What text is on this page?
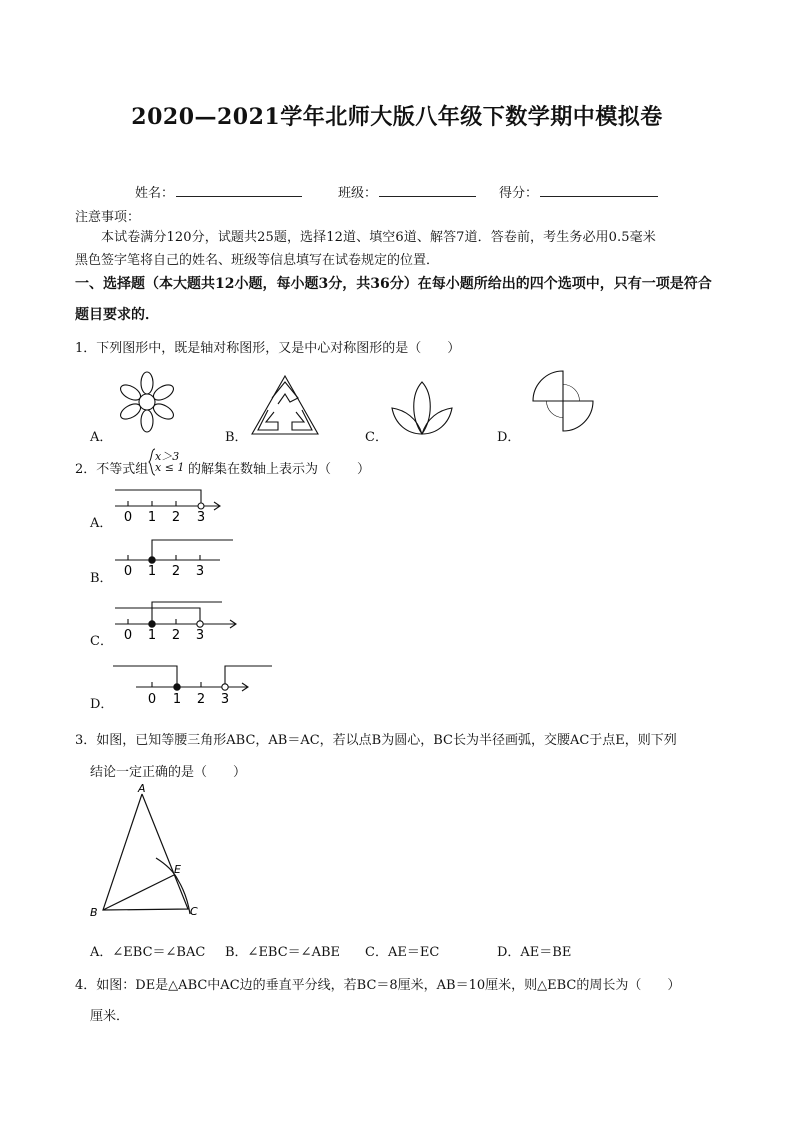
2020—2021学年北师大版八年级下数学期中模拟卷
姓名：	班级：	得分：
注意事项：
本试卷满分120分，试题共25题，选择12道、填空6道、解答7道．答卷前，考生务必用0.5毫米
黑色签字笔将自己的姓名、班级等信息填写在试卷规定的位置．
一、选择题（本大题共12小题，每小题3分，共36分）在每小题所给出的四个选项中，只有一项是符合
题目要求的．
1．下列图形中，既是轴对称图形，又是中心对称图形的是（　　）
A．	B．	C．	D．
2．不等式组
x＞3
x ≤ 1 的解集在数轴上表示为（　　）
A． 0 1 2 3
B． 0 1 2 3
C． 0 1 2 3
D．	0 1 2 3
3．如图，已知等腰三角形ABC，AB＝AC，若以点B为圆心，BC长为半径画弧，交腰AC于点E，则下列
结论一定正确的是（　　）
A
B	C
E
A．∠EBC＝∠BAC B．∠EBC＝∠ABE C．AE＝EC	D．AE＝BE
4．如图：DE是△ABC中AC边的垂直平分线，若BC＝8厘米，AB＝10厘米，则△EBC的周长为（　　）
厘米．
